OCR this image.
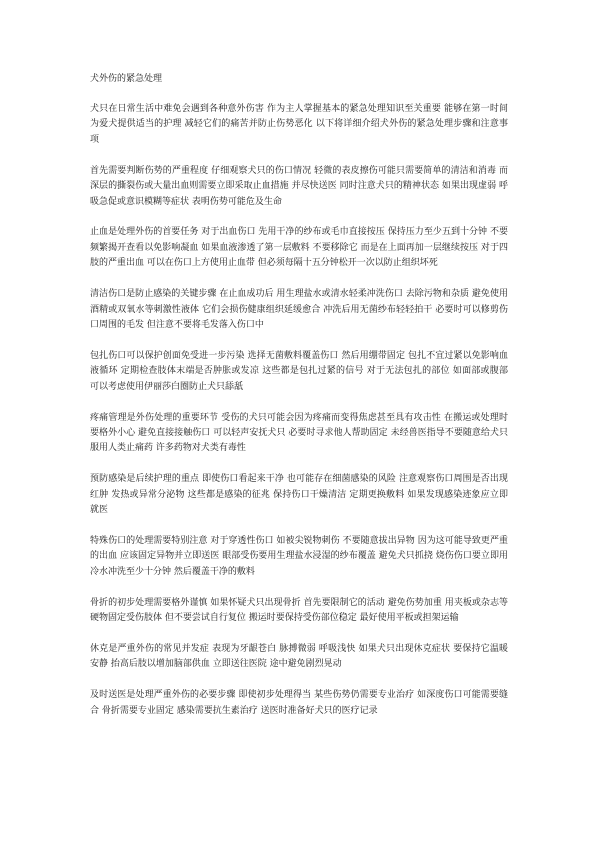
犬外伤的紧急处理

犬只在日常生活中难免会遇到各种意外伤害 作为主人掌握基本的紧急处理知识至关重要 能够在第一时间为爱犬提供适当的护理 减轻它们的痛苦并防止伤势恶化 以下将详细介绍犬外伤的紧急处理步骤和注意事项

首先需要判断伤势的严重程度 仔细观察犬只的伤口情况 轻微的表皮擦伤可能只需要简单的清洁和消毒 而深层的撕裂伤或大量出血则需要立即采取止血措施 并尽快送医 同时注意犬只的精神状态 如果出现虚弱 呼吸急促或意识模糊等症状 表明伤势可能危及生命

止血是处理外伤的首要任务 对于出血伤口 先用干净的纱布或毛巾直接按压 保持压力至少五到十分钟 不要频繁揭开查看以免影响凝血 如果血液渗透了第一层敷料 不要移除它 而是在上面再加一层继续按压 对于四肢的严重出血 可以在伤口上方使用止血带 但必须每隔十五分钟松开一次以防止组织坏死

清洁伤口是防止感染的关键步骤 在止血成功后 用生理盐水或清水轻柔冲洗伤口 去除污物和杂质 避免使用酒精或双氧水等刺激性液体 它们会损伤健康组织延缓愈合 冲洗后用无菌纱布轻轻拍干 必要时可以修剪伤口周围的毛发 但注意不要将毛发落入伤口中

包扎伤口可以保护创面免受进一步污染 选择无菌敷料覆盖伤口 然后用绷带固定 包扎不宜过紧以免影响血液循环 定期检查肢体末端是否肿胀或发凉 这些都是包扎过紧的信号 对于无法包扎的部位 如面部或腹部 可以考虑使用伊丽莎白圈防止犬只舔舐

疼痛管理是外伤处理的重要环节 受伤的犬只可能会因为疼痛而变得焦虑甚至具有攻击性 在搬运或处理时要格外小心 避免直接接触伤口 可以轻声安抚犬只 必要时寻求他人帮助固定 未经兽医指导不要随意给犬只服用人类止痛药 许多药物对犬类有毒性

预防感染是后续护理的重点 即使伤口看起来干净 也可能存在细菌感染的风险 注意观察伤口周围是否出现红肿 发热或异常分泌物 这些都是感染的征兆 保持伤口干燥清洁 定期更换敷料 如果发现感染迹象应立即就医

特殊伤口的处理需要特别注意 对于穿透性伤口 如被尖锐物刺伤 不要随意拔出异物 因为这可能导致更严重的出血 应该固定异物并立即送医 眼部受伤要用生理盐水浸湿的纱布覆盖 避免犬只抓挠 烧伤伤口要立即用冷水冲洗至少十分钟 然后覆盖干净的敷料

骨折的初步处理需要格外谨慎 如果怀疑犬只出现骨折 首先要限制它的活动 避免伤势加重 用夹板或杂志等硬物固定受伤肢体 但不要尝试自行复位 搬运时要保持受伤部位稳定 最好使用平板或担架运输

休克是严重外伤的常见并发症 表现为牙龈苍白 脉搏微弱 呼吸浅快 如果犬只出现休克症状 要保持它温暖安静 抬高后肢以增加脑部供血 立即送往医院 途中避免剧烈晃动

及时送医是处理严重外伤的必要步骤 即使初步处理得当 某些伤势仍需要专业治疗 如深度伤口可能需要缝合 骨折需要专业固定 感染需要抗生素治疗 送医时准备好犬只的医疗记录
